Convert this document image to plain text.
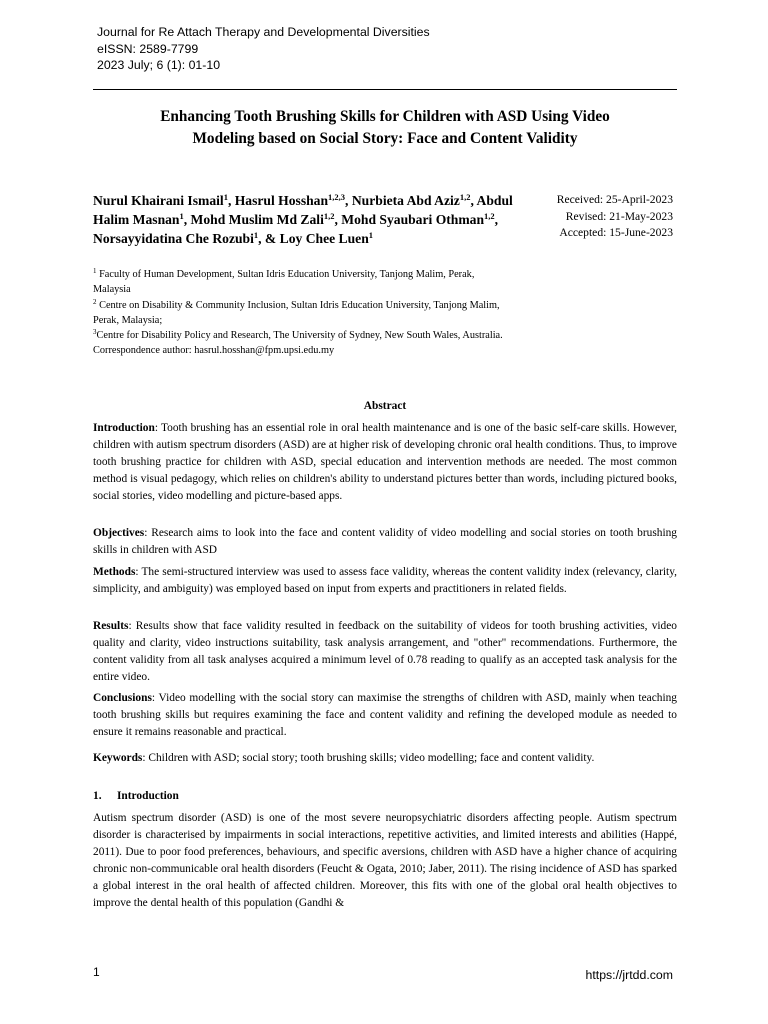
Journal for Re Attach Therapy and Developmental Diversities
eISSN: 2589-7799
2023 July; 6 (1): 01-10
Enhancing Tooth Brushing Skills for Children with ASD Using Video
Modeling based on Social Story: Face and Content Validity
Nurul Khairani Ismail$^1$, Hasrul Hosshan$^{1,2,3}$, Nurbieta Abd Aziz$^{1,2}$, Abdul Halim Masnan$^1$, Mohd Muslim Md Zali$^{1,2}$, Mohd Syaubari Othman$^{1,2}$, Norsayyidatina Che Rozubi$^1$, & Loy Chee Luen$^1$
Received: 25-April-2023
Revised: 21-May-2023
Accepted: 15-June-2023
$^1$ Faculty of Human Development, Sultan Idris Education University, Tanjong Malim, Perak, Malaysia
$^2$ Centre on Disability & Community Inclusion, Sultan Idris Education University, Tanjong Malim, Perak, Malaysia;
$^3$Centre for Disability Policy and Research, The University of Sydney, New South Wales, Australia.
Correspondence author: hasrul.hosshan@fpm.upsi.edu.my
Abstract
Introduction: Tooth brushing has an essential role in oral health maintenance and is one of the basic self-care skills. However, children with autism spectrum disorders (ASD) are at higher risk of developing chronic oral health conditions. Thus, to improve tooth brushing practice for children with ASD, special education and intervention methods are needed. The most common method is visual pedagogy, which relies on children's ability to understand pictures better than words, including pictured books, social stories, video modelling and picture-based apps.
Objectives: Research aims to look into the face and content validity of video modelling and social stories on tooth brushing skills in children with ASD
Methods: The semi-structured interview was used to assess face validity, whereas the content validity index (relevancy, clarity, simplicity, and ambiguity) was employed based on input from experts and practitioners in related fields.
Results: Results show that face validity resulted in feedback on the suitability of videos for tooth brushing activities, video quality and clarity, video instructions suitability, task analysis arrangement, and "other" recommendations. Furthermore, the content validity from all task analyses acquired a minimum level of 0.78 reading to qualify as an accepted task analysis for the entire video.
Conclusions: Video modelling with the social story can maximise the strengths of children with ASD, mainly when teaching tooth brushing skills but requires examining the face and content validity and refining the developed module as needed to ensure it remains reasonable and practical.
Keywords: Children with ASD; social story; tooth brushing skills; video modelling; face and content validity.
1. Introduction
Autism spectrum disorder (ASD) is one of the most severe neuropsychiatric disorders affecting people. Autism spectrum disorder is characterised by impairments in social interactions, repetitive activities, and limited interests and abilities (Happé, 2011). Due to poor food preferences, behaviours, and specific aversions, children with ASD have a higher chance of acquiring chronic non-communicable oral health disorders (Feucht & Ogata, 2010; Jaber, 2011). The rising incidence of ASD has sparked a global interest in the oral health of affected children. Moreover, this fits with one of the global oral health objectives to improve the dental health of this population (Gandhi &
1	https://jrtdd.com
